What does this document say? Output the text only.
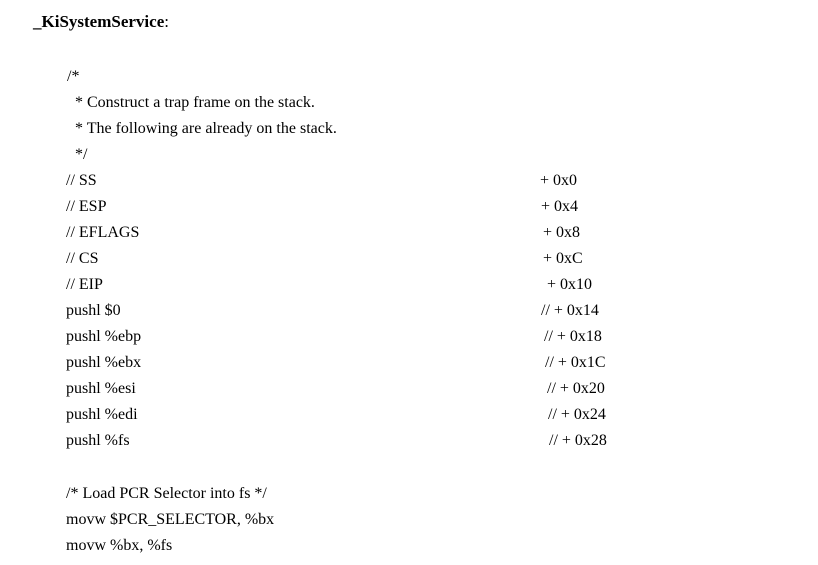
_KiSystemService:
/*
* Construct a trap frame on the stack.
* The following are already on the stack.
*/
// SS	+ 0x0
// ESP	+ 0x4
// EFLAGS	+ 0x8
// CS	+ 0xC
// EIP	+ 0x10
pushl $0	// + 0x14
pushl %ebp	// + 0x18
pushl %ebx	// + 0x1C
pushl %esi	// + 0x20
pushl %edi	// + 0x24
pushl %fs	// + 0x28
/* Load PCR Selector into fs */
movw $PCR_SELECTOR, %bx
movw %bx, %fs
